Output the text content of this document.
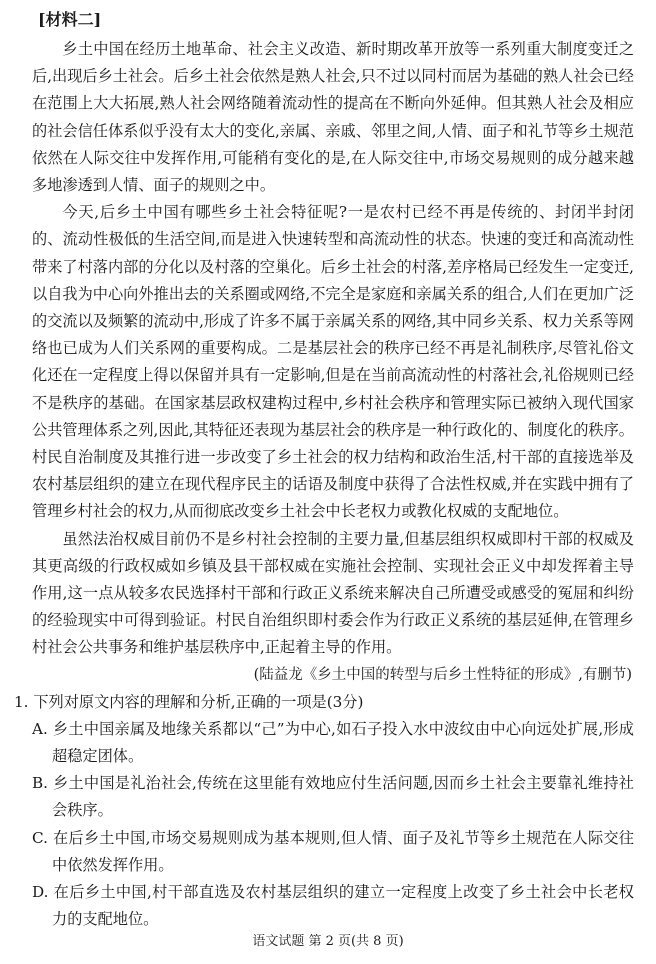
[材料二]

乡土中国在经历土地革命、社会主义改造、新时期改革开放等一系列重大制度变迁之后,出现后乡土社会。后乡土社会依然是熟人社会,只不过以同村而居为基础的熟人社会已经在范围上大大拓展,熟人社会网络随着流动性的提高在不断向外延伸。但其熟人社会及相应的社会信任体系似乎没有太大的变化,亲属、亲戚、邻里之间,人情、面子和礼节等乡土规范依然在人际交往中发挥作用,可能稍有变化的是,在人际交往中,市场交易规则的成分越来越多地渗透到人情、面子的规则之中。

今天,后乡土中国有哪些乡土社会特征呢?一是农村已经不再是传统的、封闭半封闭的、流动性极低的生活空间,而是进入快速转型和高流动性的状态。快速的变迁和高流动性带来了村落内部的分化以及村落的空巢化。后乡土社会的村落,差序格局已经发生一定变迁,以自我为中心向外推出去的关系圈或网络,不完全是家庭和亲属关系的组合,人们在更加广泛的交流以及频繁的流动中,形成了许多不属于亲属关系的网络,其中同乡关系、权力关系等网络也已成为人们关系网的重要构成。二是基层社会的秩序已经不再是礼制秩序,尽管礼俗文化还在一定程度上得以保留并具有一定影响,但是在当前高流动性的村落社会,礼俗规则已经不是秩序的基础。在国家基层政权建构过程中,乡村社会秩序和管理实际已被纳入现代国家公共管理体系之列,因此,其特征还表现为基层社会的秩序是一种行政化的、制度化的秩序。村民自治制度及其推行进一步改变了乡土社会的权力结构和政治生活,村干部的直接选举及农村基层组织的建立在现代程序民主的话语及制度中获得了合法性权威,并在实践中拥有了管理乡村社会的权力,从而彻底改变乡土社会中长老权力或教化权威的支配地位。

虽然法治权威目前仍不是乡村社会控制的主要力量,但基层组织权威即村干部的权威及其更高级的行政权威如乡镇及县干部权威在实施社会控制、实现社会正义中却发挥着主导作用,这一点从较多农民选择村干部和行政正义系统来解决自己所遭受或感受的冤屈和纠纷的经验现实中可得到验证。村民自治组织即村委会作为行政正义系统的基层延伸,在管理乡村社会公共事务和维护基层秩序中,正起着主导的作用。

(陆益龙《乡土中国的转型与后乡土性特征的形成》,有删节)

1. 下列对原文内容的理解和分析,正确的一项是(3分)

A. 乡土中国亲属及地缘关系都以“己”为中心,如石子投入水中波纹由中心向远处扩展,形成超稳定团体。

B. 乡土中国是礼治社会,传统在这里能有效地应付生活问题,因而乡土社会主要靠礼维持社会秩序。

C. 在后乡土中国,市场交易规则成为基本规则,但人情、面子及礼节等乡土规范在人际交往中依然发挥作用。

D. 在后乡土中国,村干部直选及农村基层组织的建立一定程度上改变了乡土社会中长老权力的支配地位。

语文试题 第 2 页(共 8 页)
